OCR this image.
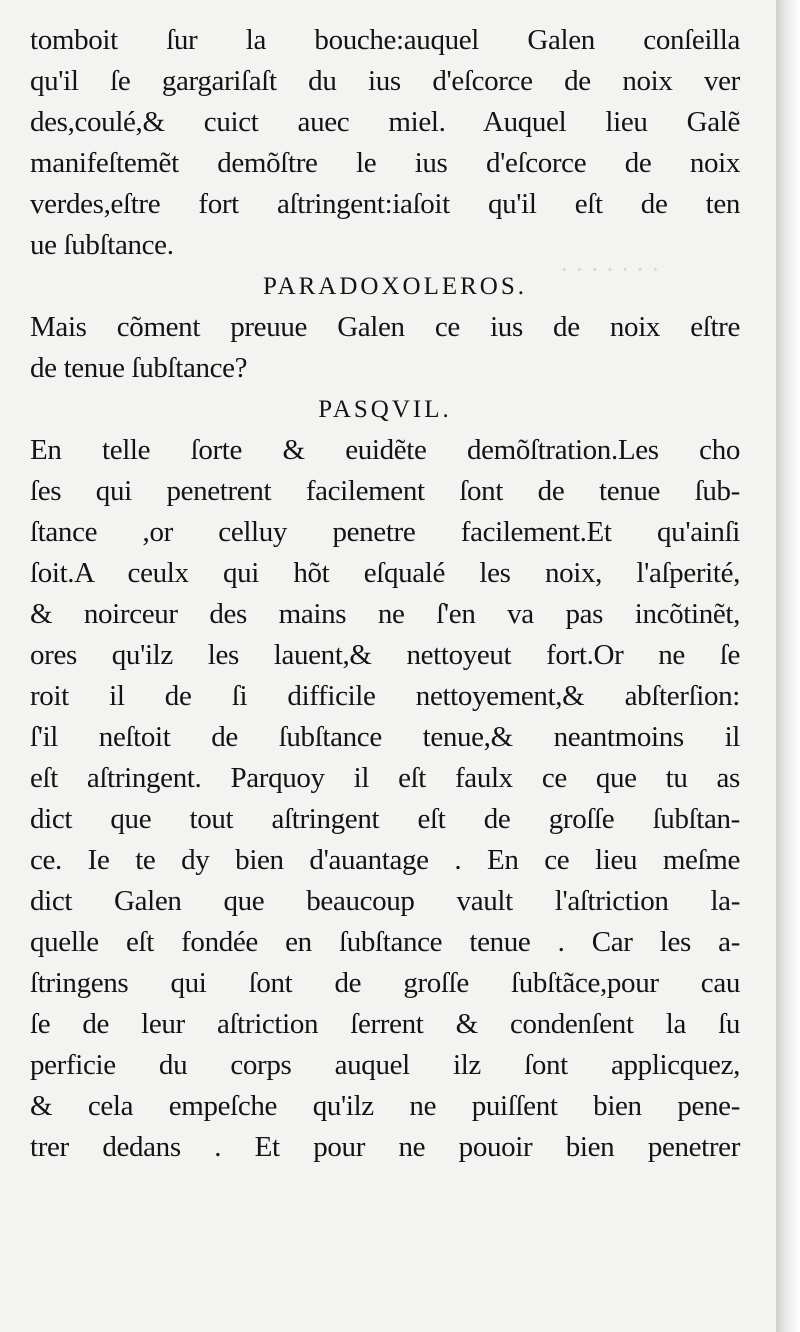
· · · · · · ·
tomboit ſur la bouche:auquel Galen conſeilla
qu'il ſe gargariſaſt du ius d'eſcorce de noix ver
des,coulé,& cuict auec miel. Auquel lieu Galẽ
manifeſtemẽt demõſtre le ius d'eſcorce de noix
verdes,eſtre fort aſtringent:iaſoit qu'il eſt de ten
ue ſubſtance.
PARADOXOLEROS.
Mais cõment preuue Galen ce ius de noix eſtre
de tenue ſubſtance?
PASQVIL.
En telle ſorte & euidẽte demõſtration.Les cho
ſes qui penetrent facilement ſont de tenue ſub-
ſtance ,or celluy penetre facilement.Et qu'ainſi
ſoit.A ceulx qui hõt eſqualé les noix, l'aſperité,
& noirceur des mains ne ſ'en va pas incõtinẽt,
ores qu'ilz les lauent,& nettoyeut fort.Or ne ſe
roit il de ſi difficile nettoyement,& abſterſion:
ſ'il neſtoit de ſubſtance tenue,& neantmoins il
eſt aſtringent. Parquoy il eſt faulx ce que tu as
dict que tout aſtringent eſt de groſſe ſubſtan-
ce. Ie te dy bien d'auantage . En ce lieu meſme
dict Galen que beaucoup vault l'aſtriction la-
quelle eſt fondée en ſubſtance tenue . Car les a-
ſtringens qui ſont de groſſe ſubſtãce,pour cau
ſe de leur aſtriction ſerrent & condenſent la ſu
perficie du corps auquel ilz ſont applicquez,
& cela empeſche qu'ilz ne puiſſent bien pene-
trer dedans . Et pour ne pouoir bien penetrer
